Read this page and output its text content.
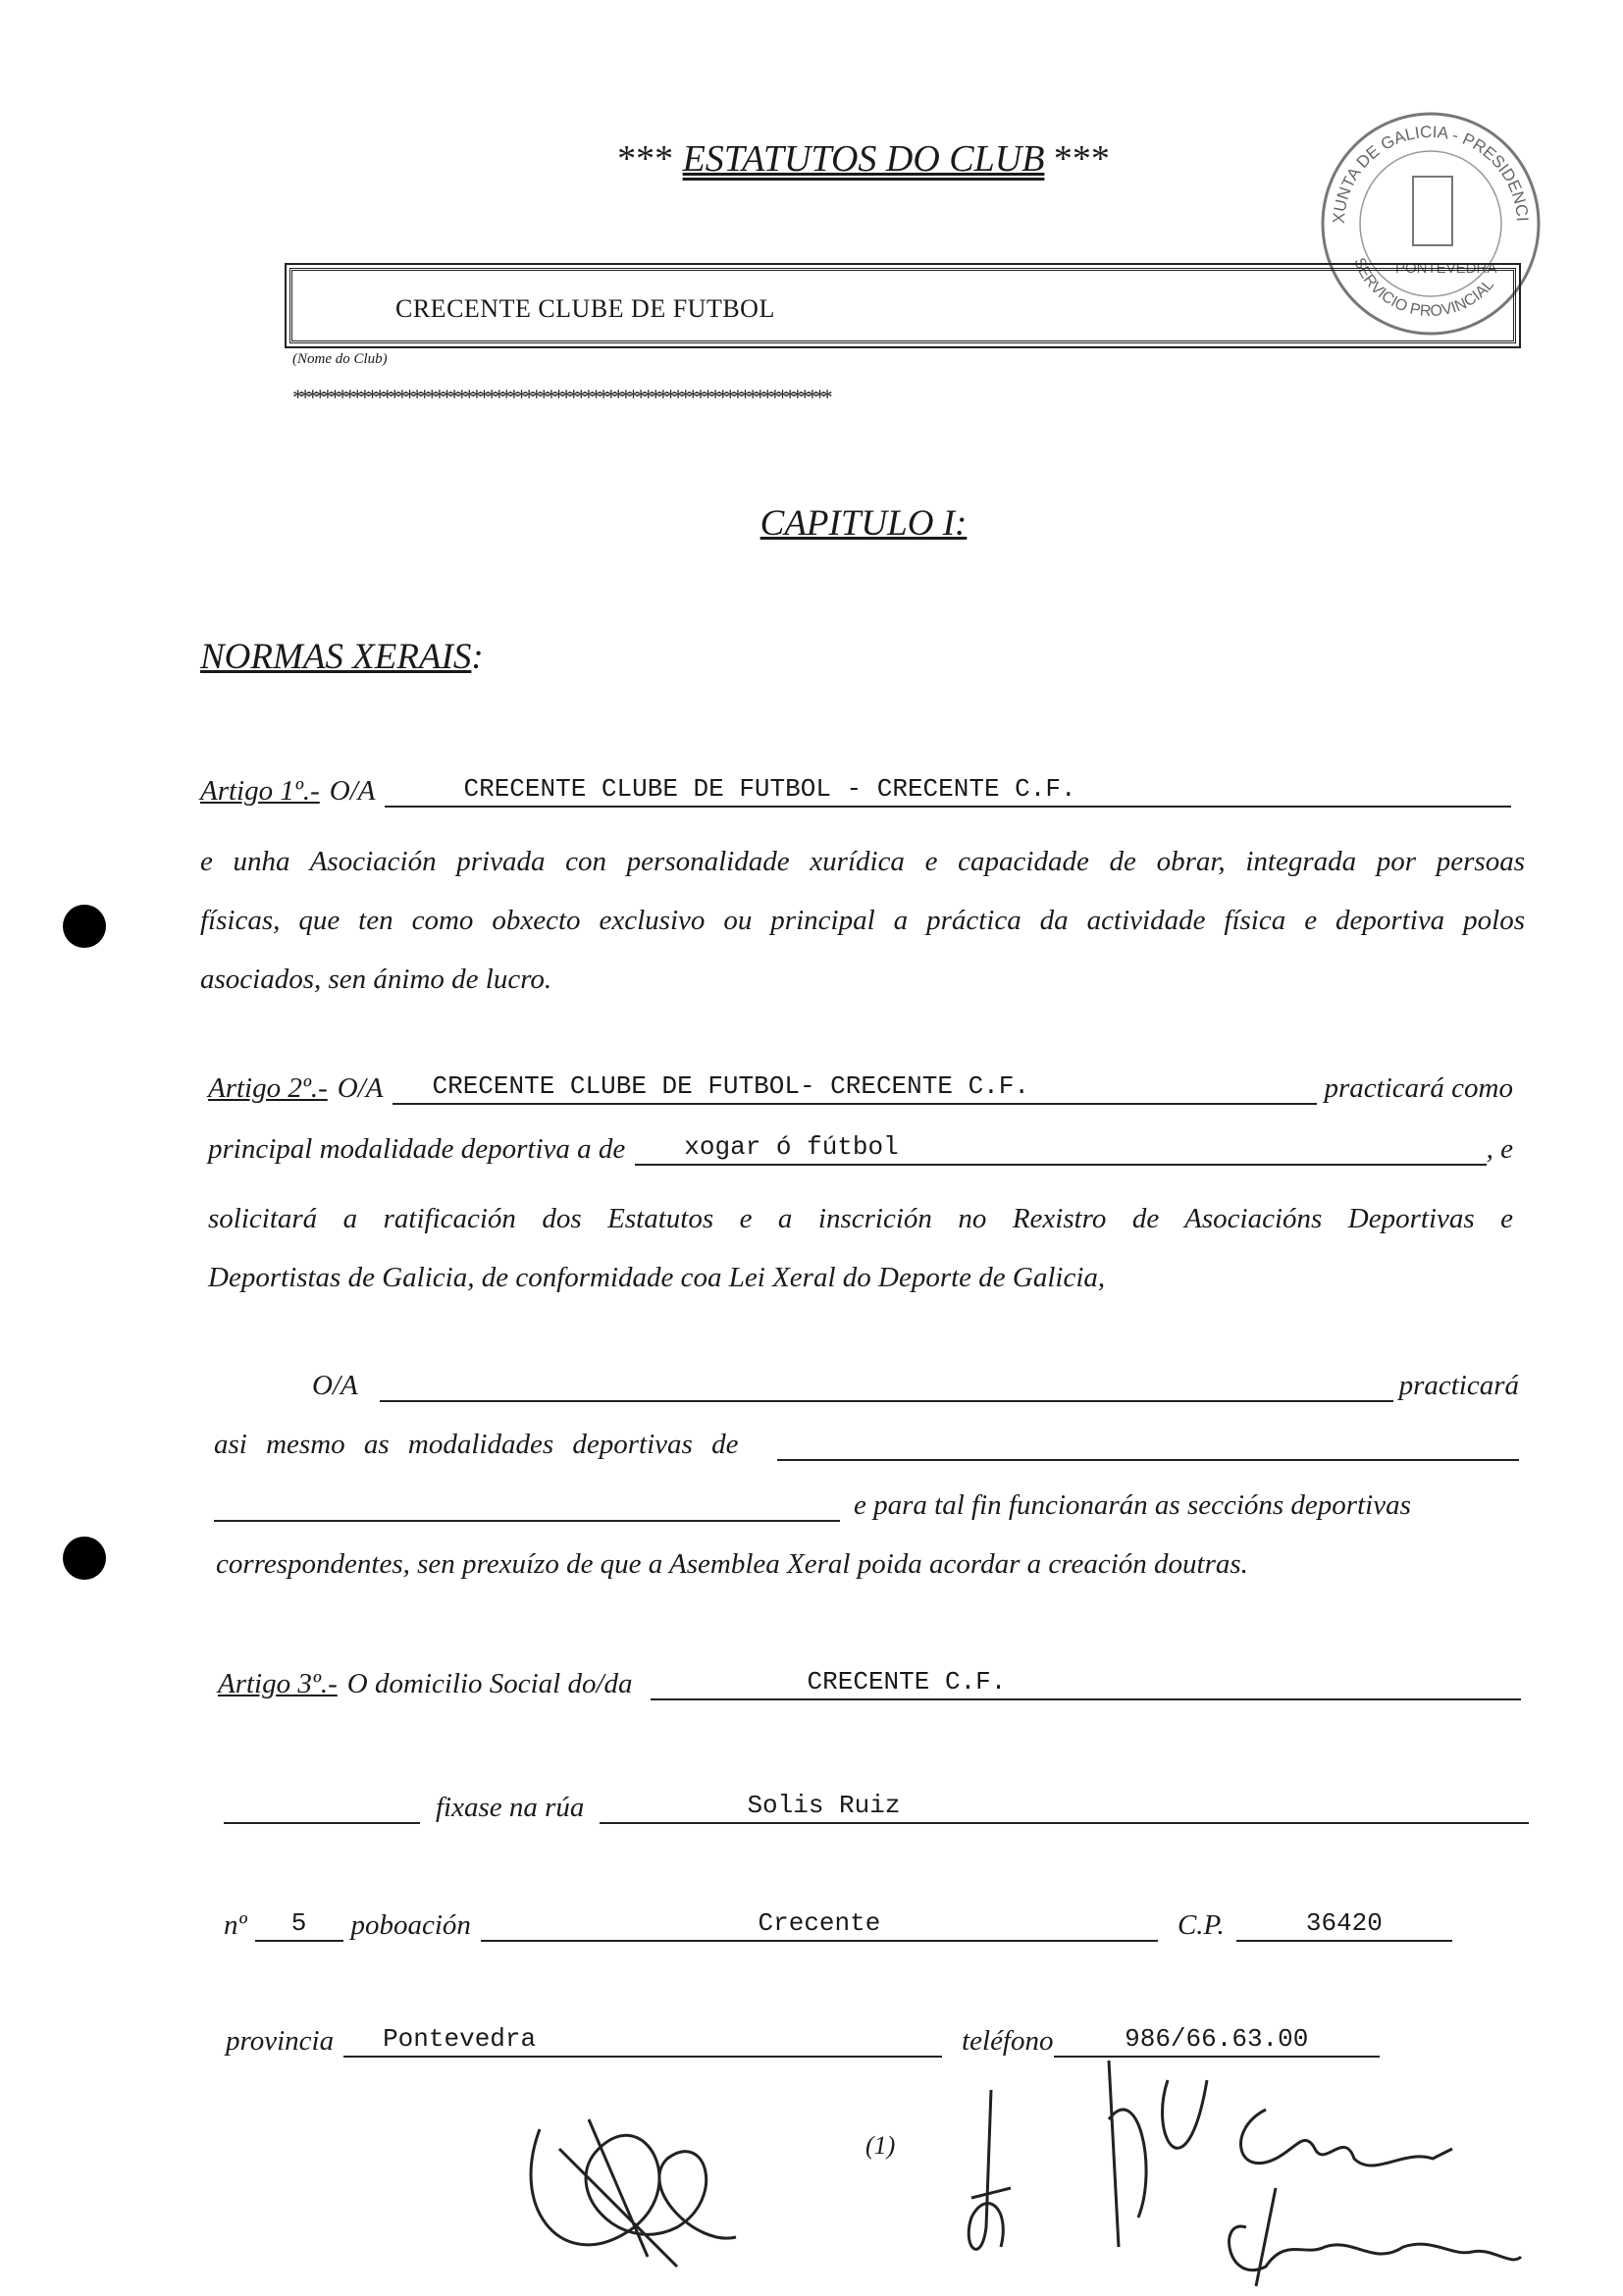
*** ESTATUTOS DO CLUB ***
XUNTA DE GALICIA - PRESIDENCI
SERVICIO PROVINCIAL
PONTEVEDRA
CRECENTE CLUBE DE FUTBOL
(Nome do Club)
************************************************************************
CAPITULO I:
NORMAS XERAIS:
Artigo 1º.- O/A	CRECENTE CLUBE DE FUTBOL - CRECENTE C.F.
e unha Asociación privada con personalidade xurídica e capacidade de obrar, integrada por persoas
físicas, que ten como obxecto exclusivo ou principal a práctica da actividade física e deportiva polos
asociados, sen ánimo de lucro.
Artigo 2º.- O/A CRECENTE CLUBE DE FUTBOL- CRECENTE C.F.	practicará como
principal modalidade deportiva a de xogar ó fútbol	, e
solicitará a ratificación dos Estatutos e a inscrición no Rexistro de Asociacións Deportivas e
Deportistas de Galicia, de conformidade coa Lei Xeral do Deporte de Galicia,
O/A	practicará
asi mesmo as modalidades deportivas de
e para tal fin funcionarán as seccións deportivas
correspondentes, sen prexuízo de que a Asemblea Xeral poida acordar a creación doutras.
Artigo 3º.- O domicilio Social do/da	CRECENTE C.F.
fixase na rúa	Solis Ruiz
nº 5 poboación	Crecente	C.P.	36420
provincia Pontevedra	teléfono	986/66.63.00
(1)
